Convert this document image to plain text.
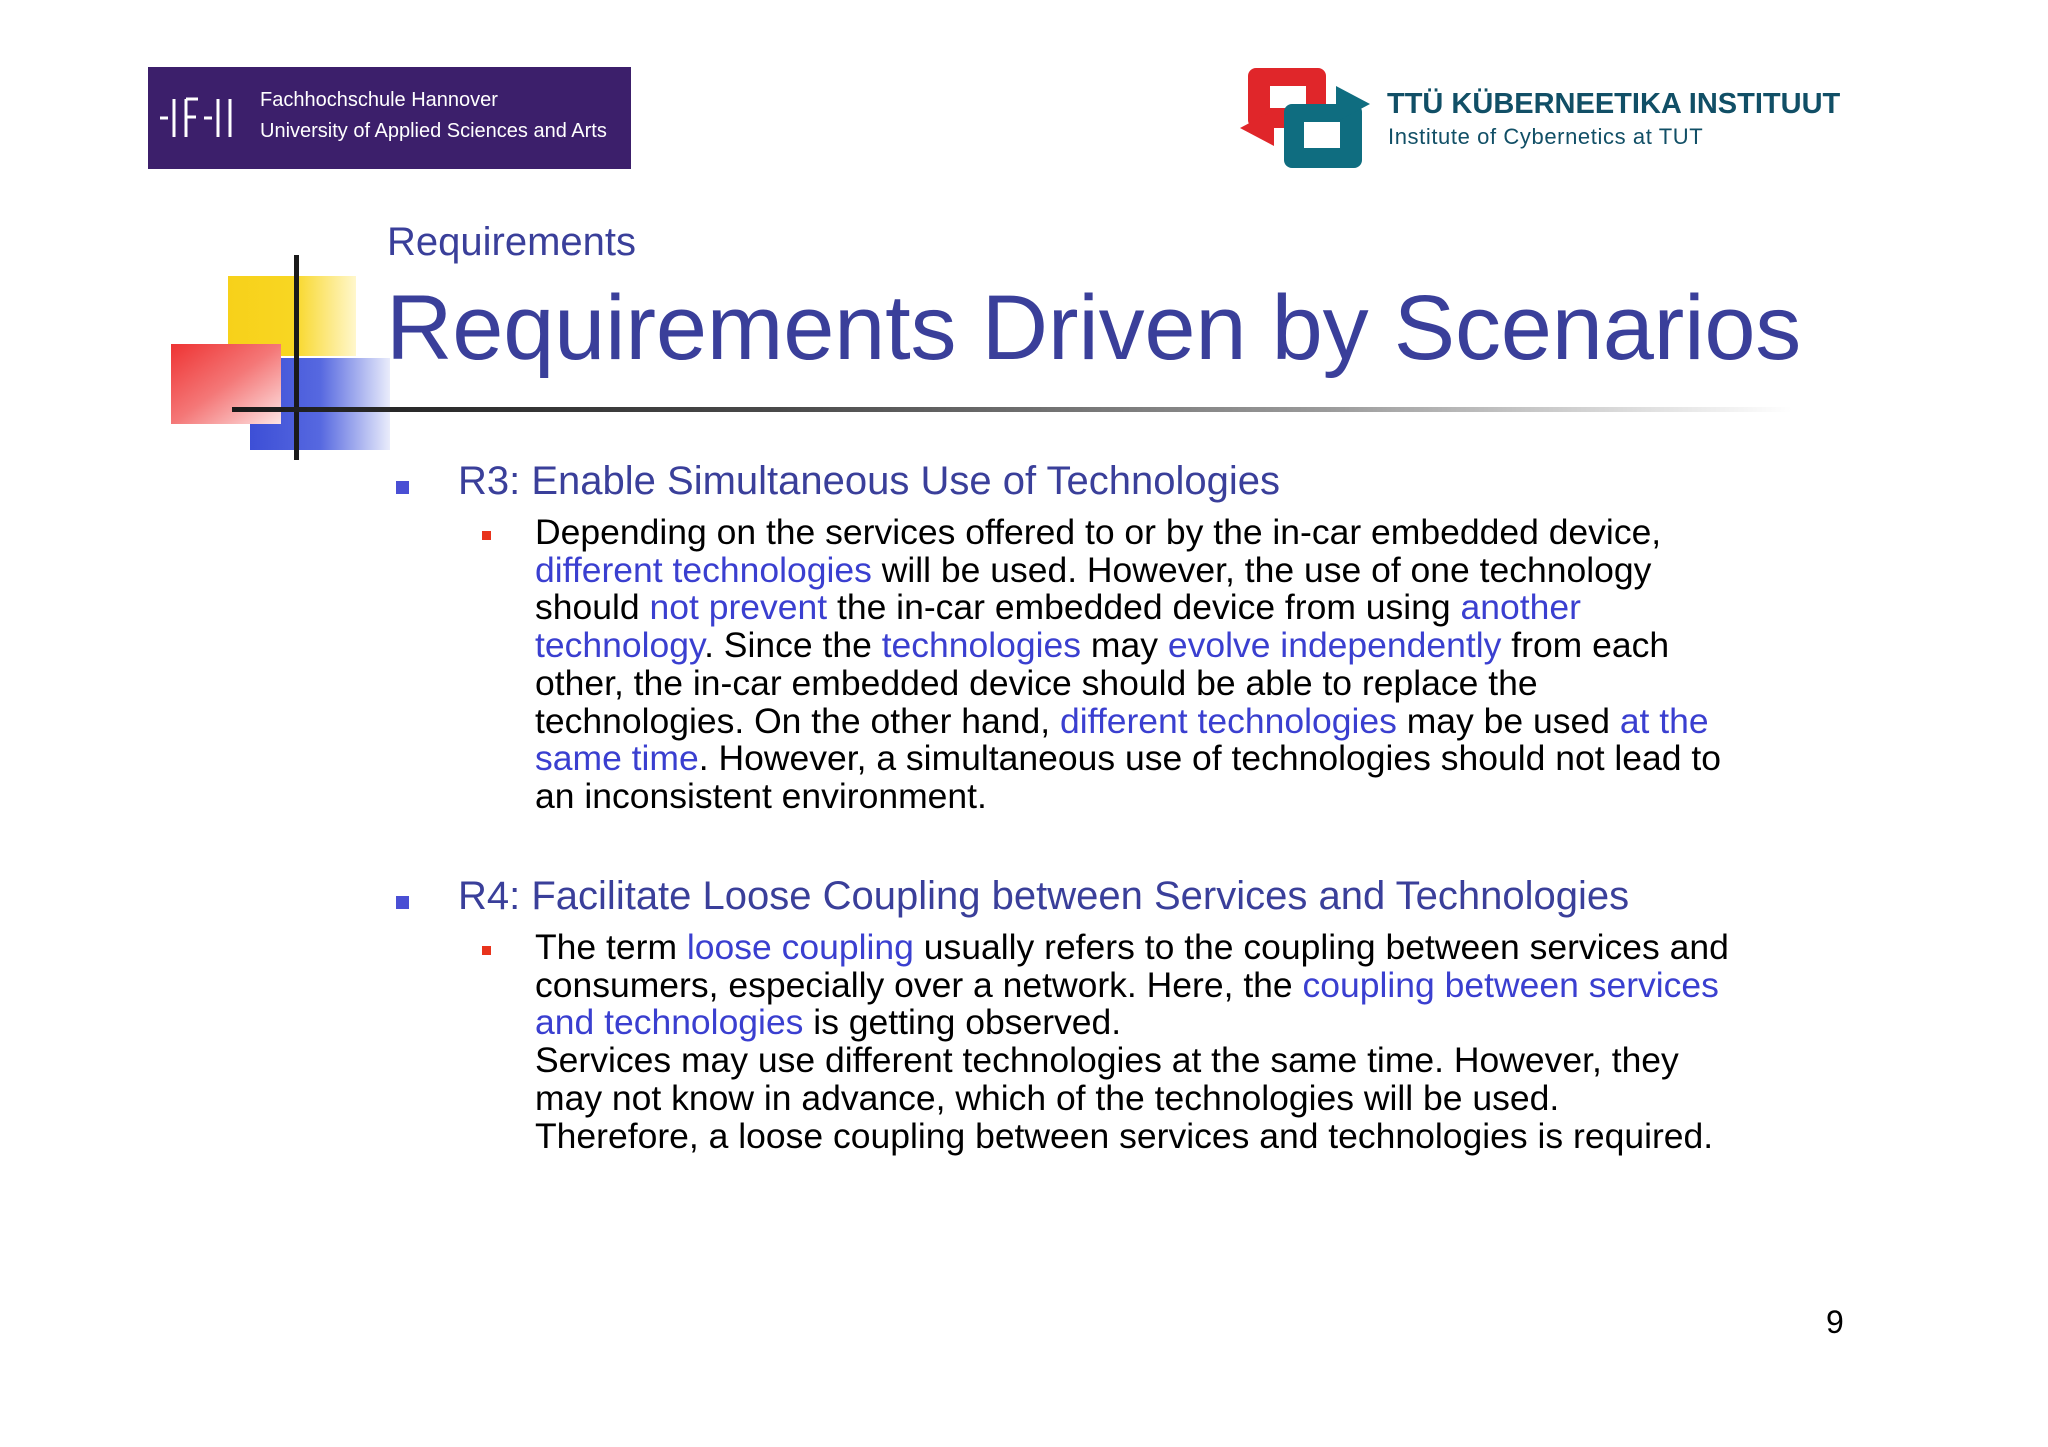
Fachhochschule Hannover
University of Applied Sciences and Arts
TTÜ KÜBERNEETIKA INSTITUUT
Institute of Cybernetics at TUT
Requirements
Requirements Driven by Scenarios
R3: Enable Simultaneous Use of Technologies
Depending on the services offered to or by the in-car embedded device,
different technologies will be used. However, the use of one technology
should not prevent the in-car embedded device from using another
technology. Since the technologies may evolve independently from each
other, the in-car embedded device should be able to replace the
technologies. On the other hand, different technologies may be used at the
same time. However, a simultaneous use of technologies should not lead to
an inconsistent environment.
R4: Facilitate Loose Coupling between Services and Technologies
The term loose coupling usually refers to the coupling between services and
consumers, especially over a network. Here, the coupling between services
and technologies is getting observed.
Services may use different technologies at the same time. However, they
may not know in advance, which of the technologies will be used.
Therefore, a loose coupling between services and technologies is required.
9
